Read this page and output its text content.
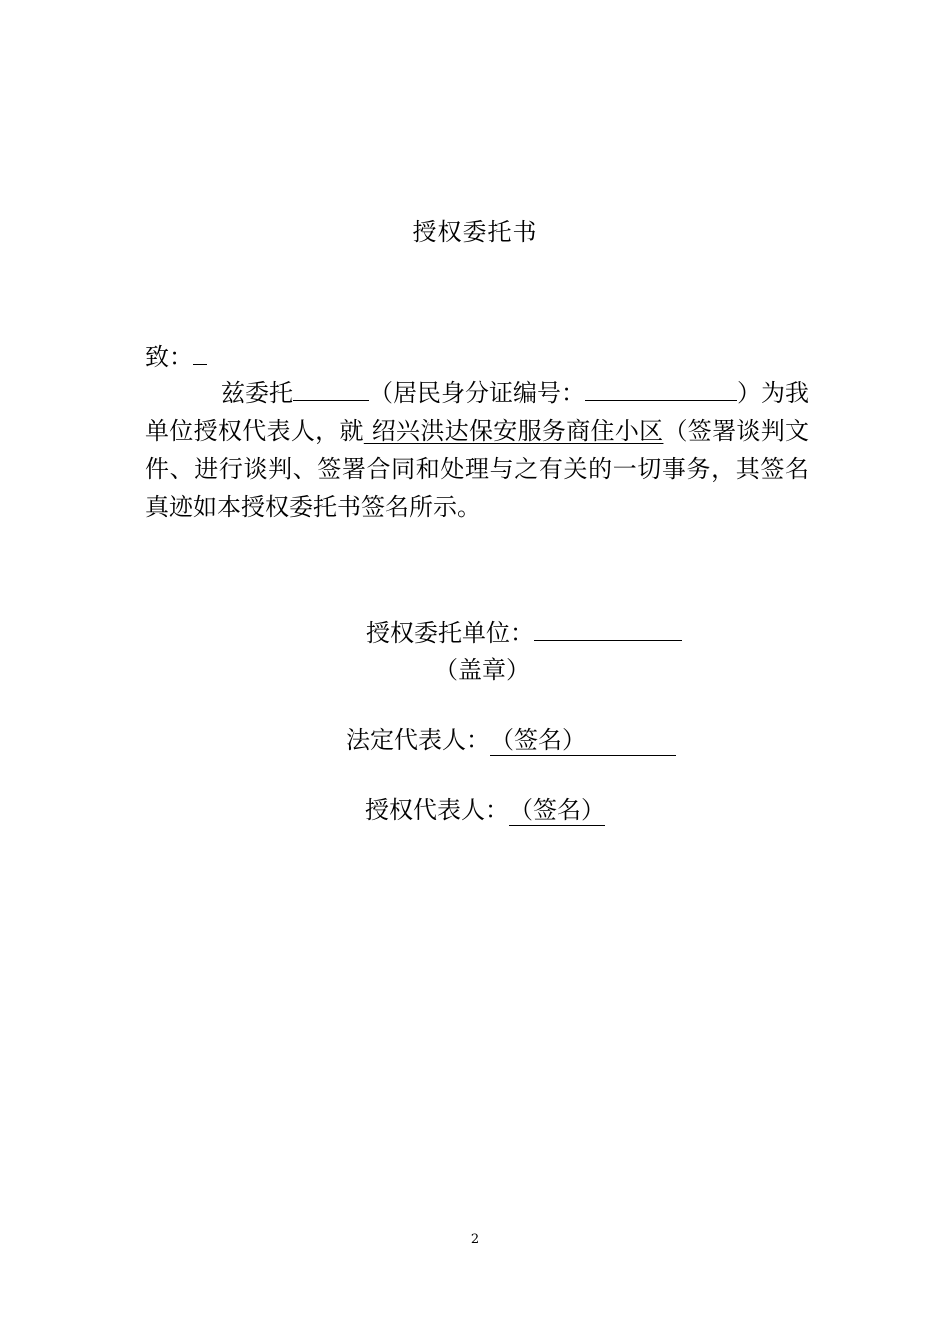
授权委托书
致：
兹委托	（居民身分证编号：	）为我单位授权代表人，就 绍兴洪达保安服务商住小区（签署谈判文件、进行谈判、签署合同和处理与之有关的一切事务，其签名真迹如本授权委托书签名所示。
授权委托单位：
（盖章）
法定代表人：（签名）
授权代表人：（签名）
2
